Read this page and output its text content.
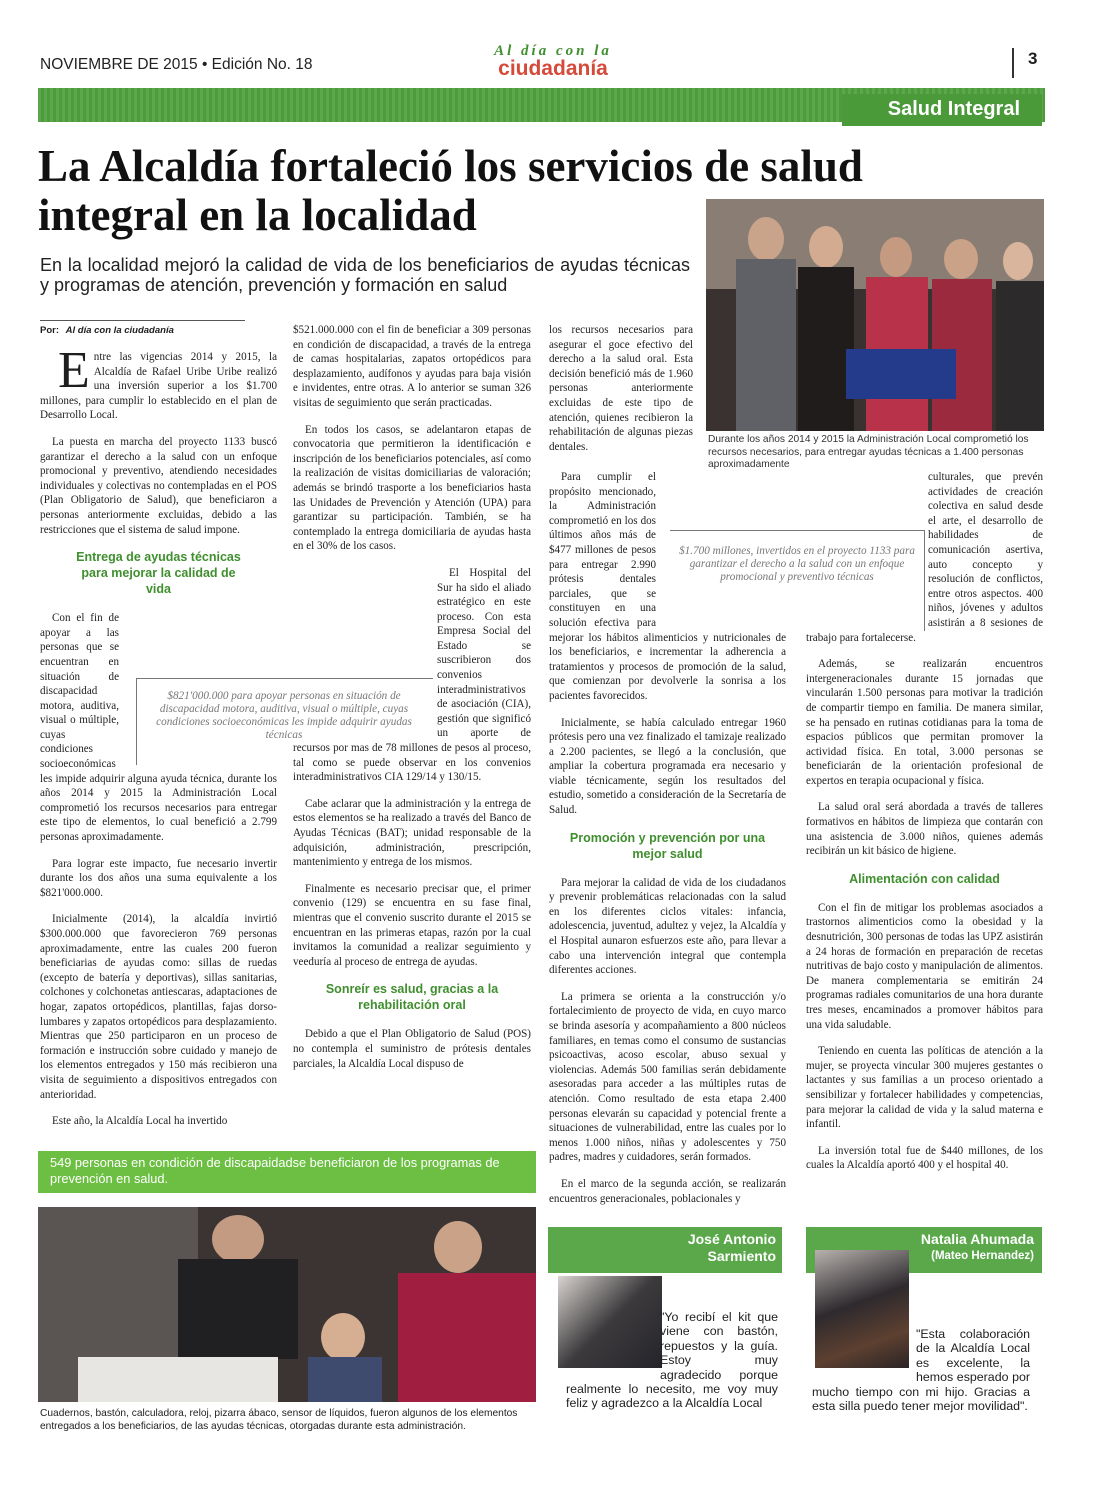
NOVIEMBRE DE 2015 • Edición No. 18
Al día con la
ciudadanía	3
Salud Integral
La Alcaldía fortaleció los servicios de salud integral en la localidad
En la localidad mejoró la calidad de vida de los beneficiarios de ayudas técnicas y programas de atención, prevención y formación en salud
Por: Al día con la ciudadanía

Entre las vigencias 2014 y 2015, la Alcaldía de Rafael Uribe Uribe realizó una inversión superior a los $1.700 millones, para cumplir lo establecido en el plan de Desarrollo Local.

La puesta en marcha del proyecto 1133 buscó garantizar el derecho a la salud con un enfoque promocional y preventivo, atendiendo necesidades individuales y colectivas no contempladas en el POS (Plan Obligatorio de Salud), que beneficiaron a personas anteriormente excluidas, debido a las restricciones que el sistema de salud impone.

Entrega de ayudas técnicas para mejorar la calidad de vida

Con el fin de apoyar a las personas que se encuentran en situación de discapacidad motora, auditiva, visual o múltiple, cuyas condiciones socioeconómicas les impide adquirir alguna ayuda técnica, durante los años 2014 y 2015 la Administración Local comprometió los recursos necesarios para entregar este tipo de elementos, lo cual benefició a 2.799 personas aproximadamente.

Para lograr este impacto, fue necesario invertir durante los dos años una suma equivalente a los $821'000.000.

Inicialmente (2014), la alcaldía invirtió $300.000.000 que favorecieron 769 personas aproximadamente, entre las cuales 200 fueron beneficiarias de ayudas como: sillas de ruedas (excepto de batería y deportivas), sillas sanitarias, colchones y colchonetas antiescaras, adaptaciones de hogar, zapatos ortopédicos, plantillas, fajas dorso-lumbares y zapatos ortopédicos para desplazamiento. Mientras que 250 participaron en un proceso de formación e instrucción sobre cuidado y manejo de los elementos entregados y 150 más recibieron una visita de seguimiento a dispositivos entregados con anterioridad.

Este año, la Alcaldía Local ha invertido

$521.000.000 con el fin de beneficiar a 309 personas en condición de discapacidad, a través de la entrega de camas hospitalarias, zapatos ortopédicos para desplazamiento, audífonos y ayudas para baja visión e invidentes, entre otras. A lo anterior se suman 326 visitas de seguimiento que serán practicadas.

En todos los casos, se adelantaron etapas de convocatoria que permitieron la identificación e inscripción de los beneficiarios potenciales, así como la realización de visitas domiciliarias de valoración; además se brindó trasporte a los beneficiarios hasta las Unidades de Prevención y Atención (UPA) para garantizar su participación. También, se ha contemplado la entrega domiciliaria de ayudas hasta en el 30% de los casos.

El Hospital del Sur ha sido el aliado estratégico en este proceso. Con esta Empresa Social del Estado se suscribieron dos convenios interadministrativos de asociación (CIA), gestión que significó un aporte de recursos por mas de 78 millones de pesos al proceso, tal como se puede observar en los convenios interadministrativos CIA 129/14 y 130/15.

Cabe aclarar que la administración y la entrega de estos elementos se ha realizado a través del Banco de Ayudas Técnicas (BAT); unidad responsable de la adquisición, administración, prescripción, mantenimiento y entrega de los mismos.

Finalmente es necesario precisar que, el primer convenio (129) se encuentra en su fase final, mientras que el convenio suscrito durante el 2015 se encuentran en las primeras etapas, razón por la cual invitamos la comunidad a realizar seguimiento y veeduría al proceso de entrega de ayudas.

Sonreír es salud, gracias a la rehabilitación oral

Debido a que el Plan Obligatorio de Salud (POS) no contempla el suministro de prótesis dentales parciales, la Alcaldía Local dispuso de

$821'000.000 para apoyar personas en situación de discapacidad motora, auditiva, visual o múltiple, cuyas condiciones socioeconómicas les impide adquirir ayudas técnicas

los recursos necesarios para asegurar el goce efectivo del derecho a la salud oral. Esta decisión benefició más de 1.960 personas anteriormente excluidas de este tipo de atención, quienes recibieron la rehabilitación de algunas piezas dentales.

Durante los años 2014 y 2015 la Administración Local comprometió los recursos necesarios, para entregar ayudas técnicas a 1.400 personas aproximadamente

Para cumplir el propósito mencionado, la Administración comprometió en los dos últimos años más de $477 millones de pesos para entregar 2.990 prótesis dentales parciales, que se constituyen en una solución efectiva para mejorar los hábitos alimenticios y nutricionales de los beneficiarios, e incrementar la adherencia a tratamientos y procesos de promoción de la salud, que comienzan por devolverle la sonrisa a los pacientes favorecidos.

Inicialmente, se había calculado entregar 1960 prótesis pero una vez finalizado el tamizaje realizado a 2.200 pacientes, se llegó a la conclusión, que ampliar la cobertura programada era necesario y viable técnicamente, según los resultados del estudio, sometido a consideración de la Secretaría de Salud.

Promoción y prevención por una mejor salud

Para mejorar la calidad de vida de los ciudadanos y prevenir problemáticas relacionadas con la salud en los diferentes ciclos vitales: infancia, adolescencia, juventud, adultez y vejez, la Alcaldía y el Hospital aunaron esfuerzos este año, para llevar a cabo una intervención integral que contempla diferentes acciones.

La primera se orienta a la construcción y/o fortalecimiento de proyecto de vida, en cuyo marco se brinda asesoría y acompañamiento a 800 núcleos familiares, en temas como el consumo de sustancias psicoactivas, acoso escolar, abuso sexual y violencias. Además 500 familias serán debidamente asesoradas para acceder a las múltiples rutas de atención. Como resultado de esta etapa 2.400 personas elevarán su capacidad y potencial frente a situaciones de vulnerabilidad, entre las cuales por lo menos 1.000 niños, niñas y adolescentes y 750 padres, madres y cuidadores, serán formados.

En el marco de la segunda acción, se realizarán encuentros generacionales, poblacionales y

$1.700 millones, invertidos en el proyecto 1133 para garantizar el derecho a la salud con un enfoque promocional y preventivo técnicas

culturales, que prevén actividades de creación colectiva en salud desde el arte, el desarrollo de habilidades de comunicación asertiva, auto concepto y resolución de conflictos, entre otros aspectos. 400 niños, jóvenes y adultos asistirán a 8 sesiones de trabajo para fortalecerse.

Además, se realizarán encuentros intergeneracionales durante 15 jornadas que vincularán 1.500 personas para motivar la tradición de compartir tiempo en familia. De manera similar, se ha pensado en rutinas cotidianas para la toma de espacios públicos que permitan promover la actividad física. En total, 3.000 personas se beneficiarán de la orientación profesional de expertos en terapia ocupacional y física.

La salud oral será abordada a través de talleres formativos en hábitos de limpieza que contarán con una asistencia de 3.000 niños, quienes además recibirán un kit básico de higiene.

Alimentación con calidad

Con el fin de mitigar los problemas asociados a trastornos alimenticios como la obesidad y la desnutrición, 300 personas de todas las UPZ asistirán a 24 horas de formación en preparación de recetas nutritivas de bajo costo y manipulación de alimentos. De manera complementaria se emitirán 24 programas radiales comunitarios de una hora durante tres meses, encaminados a promover hábitos para una vida saludable.

Teniendo en cuenta las políticas de atención a la mujer, se proyecta vincular 300 mujeres gestantes o lactantes y sus familias a un proceso orientado a sensibilizar y fortalecer habilidades y competencias, para mejorar la calidad de vida y la salud materna e infantil.

La inversión total fue de $440 millones, de los cuales la Alcaldía aportó 400 y el hospital 40.

549 personas en condición de discapaidadse beneficiaron de los programas de prevención en salud.
Cuadernos, bastón, calculadora, reloj, pizarra ábaco, sensor de líquidos, fueron algunos de los elementos entregados a los beneficiarios, de las ayudas técnicas, otorgadas durante esta administración.
José Antonio
Sarmiento
"Yo recibí el kit que viene con bastón, repuestos y la guía. Estoy muy agradecido porque realmente lo necesito, me voy muy feliz y agradezco a la Alcaldía Local
Natalia Ahumada
(Mateo Hernandez)
"Esta colaboración de la Alcaldía Local es excelente, la hemos esperado por mucho tiempo con mi hijo. Gracias a esta silla puedo tener mejor movilidad".
